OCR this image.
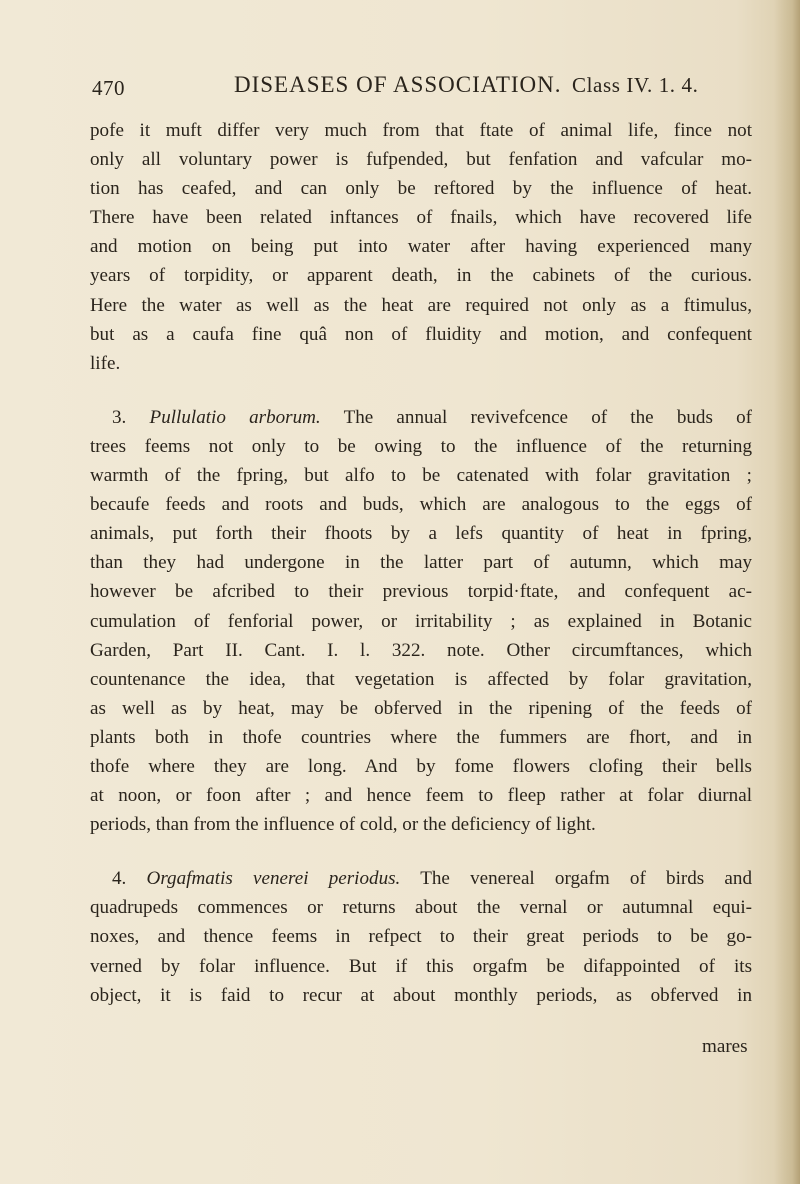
470	DISEASES OF ASSOCIATION. Class IV. 1. 4.
pofe it muft differ very much from that ftate of animal life, fince not
only all voluntary power is fufpended, but fenfation and vafcular mo-
tion has ceafed, and can only be reftored by the influence of heat.
There have been related inftances of fnails, which have recovered life
and motion on being put into water after having experienced many
years of torpidity, or apparent death, in the cabinets of the curious.
Here the water as well as the heat are required not only as a ftimulus,
but as a caufa fine quâ non of fluidity and motion, and confequent
life.
3. Pullulatio arborum. The annual revivefcence of the buds of
trees feems not only to be owing to the influence of the returning
warmth of the fpring, but alfo to be catenated with folar gravitation ;
becaufe feeds and roots and buds, which are analogous to the eggs of
animals, put forth their fhoots by a lefs quantity of heat in fpring,
than they had undergone in the latter part of autumn, which may
however be afcribed to their previous torpid·ftate, and confequent ac-
cumulation of fenforial power, or irritability ; as explained in Botanic
Garden, Part II. Cant. I. l. 322. note. Other circumftances, which
countenance the idea, that vegetation is affected by folar gravitation,
as well as by heat, may be obferved in the ripening of the feeds of
plants both in thofe countries where the fummers are fhort, and in
thofe where they are long. And by fome flowers clofing their bells
at noon, or foon after ; and hence feem to fleep rather at folar diurnal
periods, than from the influence of cold, or the deficiency of light.
4. Orgafmatis venerei periodus. The venereal orgafm of birds and
quadrupeds commences or returns about the vernal or autumnal equi-
noxes, and thence feems in refpect to their great periods to be go-
verned by folar influence. But if this orgafm be difappointed of its
object, it is faid to recur at about monthly periods, as obferved in
mares
